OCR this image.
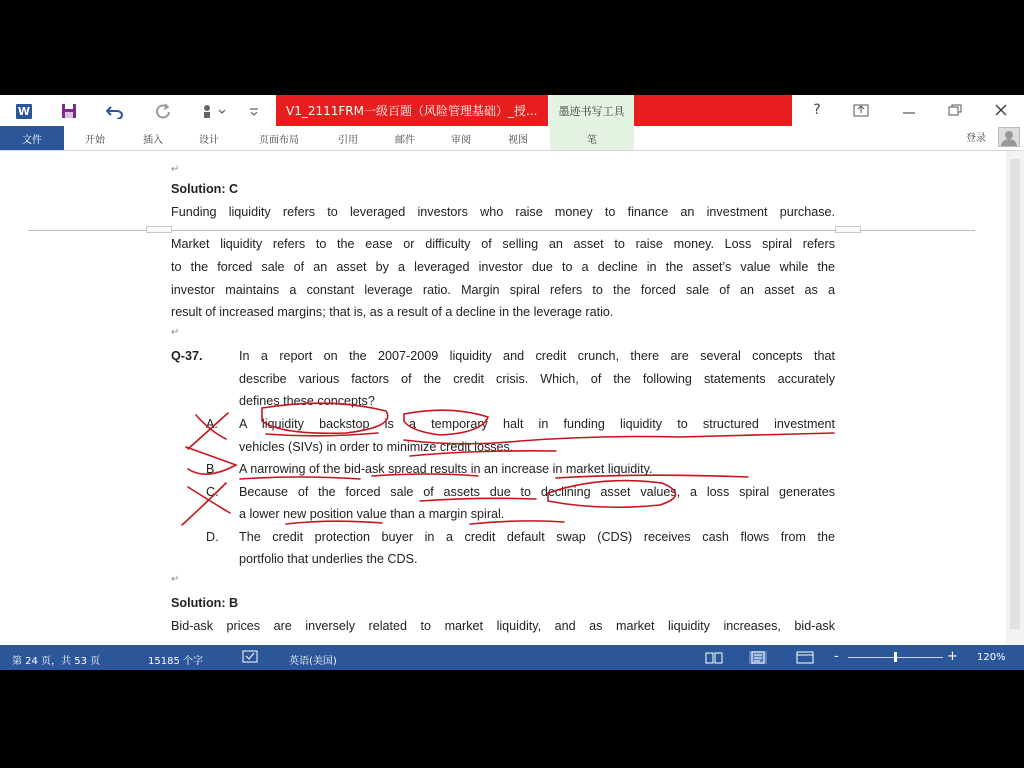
W	V1_2111FRM一级百题（风险管理基础）_授...	墨迹书写工具	?
文件	开始	插入	设计	页面布局	引用	邮件	审阅	视图	笔	登录
↵
Solution: C
Funding liquidity refers to leveraged investors who raise money to finance an investment purchase.
Market liquidity refers to the ease or difficulty of selling an asset to raise money. Loss spiral refers
to the forced sale of an asset by a leveraged investor due to a decline in the asset’s value while the
investor maintains a constant leverage ratio. Margin spiral refers to the forced sale of an asset as a
result of increased margins; that is, as a result of a decline in the leverage ratio.
↵
Q-37.	In a report on the 2007-2009 liquidity and credit crunch, there are several concepts that
describe various factors of the credit crisis. Which, of the following statements accurately
defines these concepts?
A. A liquidity backstop is a temporary halt in funding liquidity to structured investment
vehicles (SIVs) in order to minimize credit losses.
B. A narrowing of the bid-ask spread results in an increase in market liquidity.
C. Because of the forced sale of assets due to declining asset values, a loss spiral generates
a lower new position value than a margin spiral.
D. The credit protection buyer in a credit default swap (CDS) receives cash flows from the
portfolio that underlies the CDS.
↵
Solution: B
Bid-ask prices are inversely related to market liquidity, and as market liquidity increases, bid-ask
第 24 页，共 53 页	15185 个字	英语(美国)	-	+ 120%
